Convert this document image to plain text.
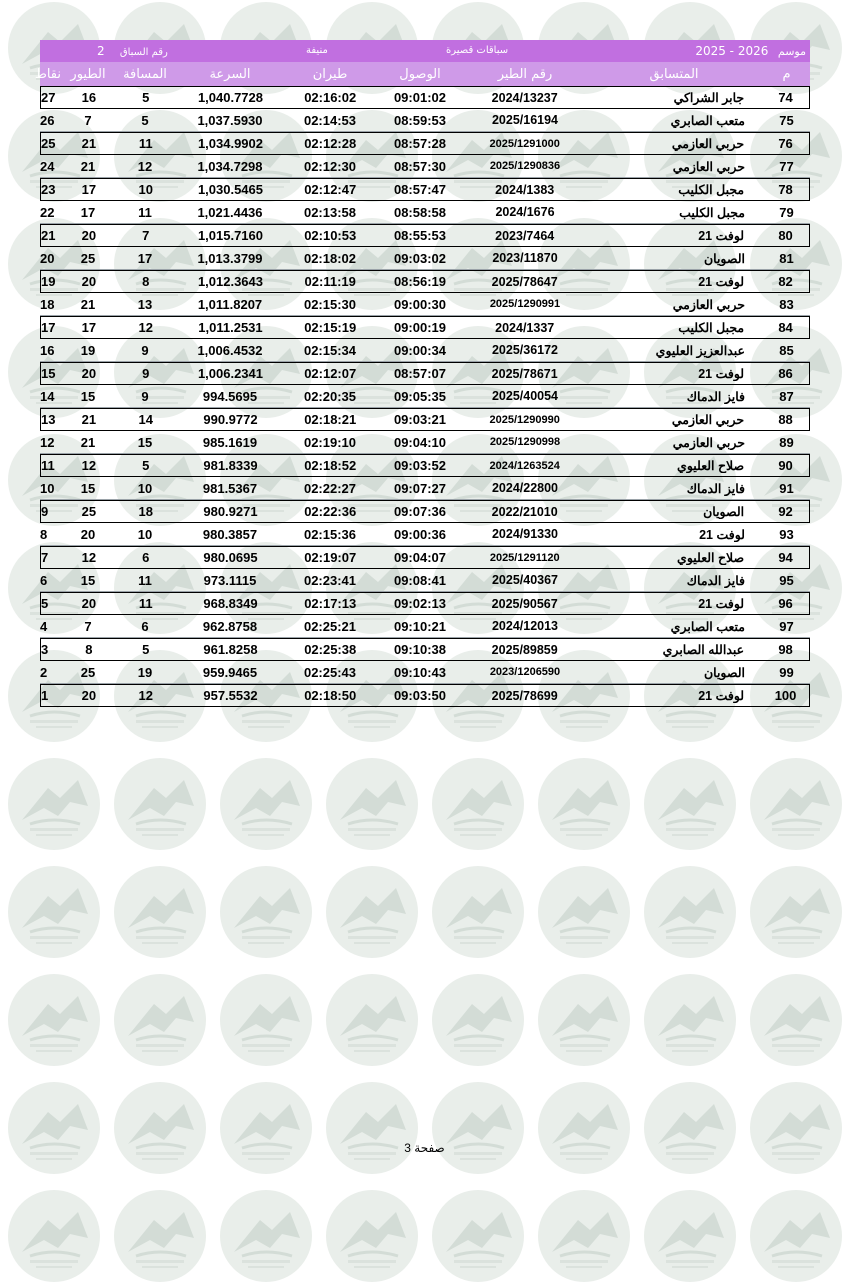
موسم 2026 - 2025
سباقات قصيرة
منيفة
رقم السباق 2
م
المتسابق
رقم الطير
الوصول
طيران
السرعة
المسافة
الطيور
نقاط
74
جابر الشراكي
2024/13237
09:01:02
02:16:02
1,040.7728
5
16
27
75
متعب الصابري
2025/16194
08:59:53
02:14:53
1,037.5930
5
7
26
76
حربي العازمي
2025/1291000
08:57:28
02:12:28
1,034.9902
11
21
25
77
حربي العازمي
2025/1290836
08:57:30
02:12:30
1,034.7298
12
21
24
78
مجبل الكليب
2024/1383
08:57:47
02:12:47
1,030.5465
10
17
23
79
مجبل الكليب
2024/1676
08:58:58
02:13:58
1,021.4436
11
17
22
80
لوفت 21
2023/7464
08:55:53
02:10:53
1,015.7160
7
20
21
81
الصويان
2023/11870
09:03:02
02:18:02
1,013.3799
17
25
20
82
لوفت 21
2025/78647
08:56:19
02:11:19
1,012.3643
8
20
19
83
حربي العازمي
2025/1290991
09:00:30
02:15:30
1,011.8207
13
21
18
84
مجبل الكليب
2024/1337
09:00:19
02:15:19
1,011.2531
12
17
17
85
عبدالعزيز العليوي
2025/36172
09:00:34
02:15:34
1,006.4532
9
19
16
86
لوفت 21
2025/78671
08:57:07
02:12:07
1,006.2341
9
20
15
87
فايز الدماك
2025/40054
09:05:35
02:20:35
994.5695
9
15
14
88
حربي العازمي
2025/1290990
09:03:21
02:18:21
990.9772
14
21
13
89
حربي العازمي
2025/1290998
09:04:10
02:19:10
985.1619
15
21
12
90
صلاح العليوي
2024/1263524
09:03:52
02:18:52
981.8339
5
12
11
91
فايز الدماك
2024/22800
09:07:27
02:22:27
981.5367
10
15
10
92
الصويان
2022/21010
09:07:36
02:22:36
980.9271
18
25
9
93
لوفت 21
2024/91330
09:00:36
02:15:36
980.3857
10
20
8
94
صلاح العليوي
2025/1291120
09:04:07
02:19:07
980.0695
6
12
7
95
فايز الدماك
2025/40367
09:08:41
02:23:41
973.1115
11
15
6
96
لوفت 21
2025/90567
09:02:13
02:17:13
968.8349
11
20
5
97
متعب الصابري
2024/12013
09:10:21
02:25:21
962.8758
6
7
4
98
عبدالله الصابري
2025/89859
09:10:38
02:25:38
961.8258
5
8
3
99
الصويان
2023/1206590
09:10:43
02:25:43
959.9465
19
25
2
100
لوفت 21
2025/78699
09:03:50
02:18:50
957.5532
12
20
1
صفحة 3
